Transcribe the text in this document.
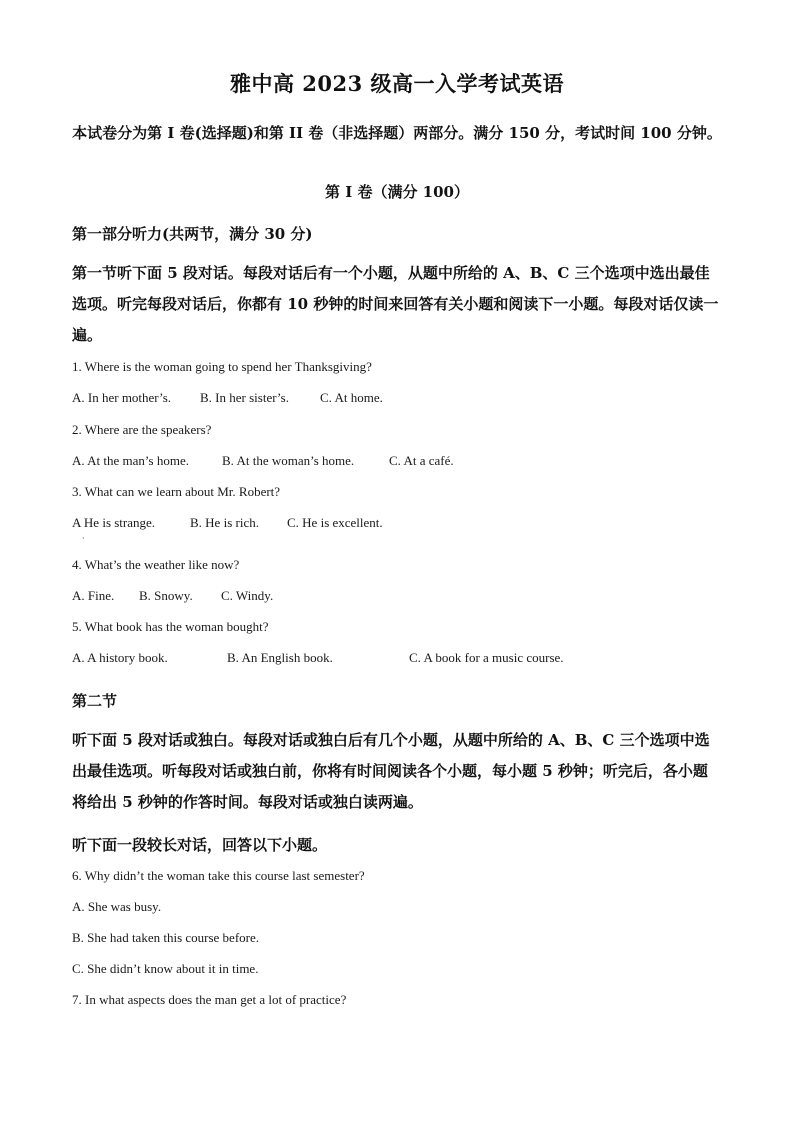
雅中高 2023 级高一入学考试英语
本试卷分为第 I 卷(选择题)和第 II 卷（非选择题）两部分。满分 150 分，考试时间 100 分钟。
第 I 卷（满分 100）
第一部分听力(共两节，满分 30 分)
第一节听下面 5 段对话。每段对话后有一个小题，从题中所给的 A、B、C 三个选项中选出最佳选项。听完每段对话后，你都有 10 秒钟的时间来回答有关小题和阅读下一小题。每段对话仅读一遍。
1. Where is the woman going to spend her Thanksgiving?
A. In her mother’s. B. In her sister’s. C. At home.
2. Where are the speakers?
A. At the man’s home.	B. At the woman’s home.	C. At a café.
3. What can we learn about Mr. Robert?
A He is strange.	B. He is rich. C. He is excellent.
·
4. What’s the weather like now?
A. Fine. B. Snowy. C. Windy.
5. What book has the woman bought?
A. A history book.	B. An English book.	C. A book for a music course.
第二节
听下面 5 段对话或独白。每段对话或独白后有几个小题，从题中所给的 A、B、C 三个选项中选出最佳选项。听每段对话或独白前，你将有时间阅读各个小题，每小题 5 秒钟；听完后，各小题将给出 5 秒钟的作答时间。每段对话或独白读两遍。
听下面一段较长对话，回答以下小题。
6. Why didn’t the woman take this course last semester?
A. She was busy.
B. She had taken this course before.
C. She didn’t know about it in time.
7. In what aspects does the man get a lot of practice?
